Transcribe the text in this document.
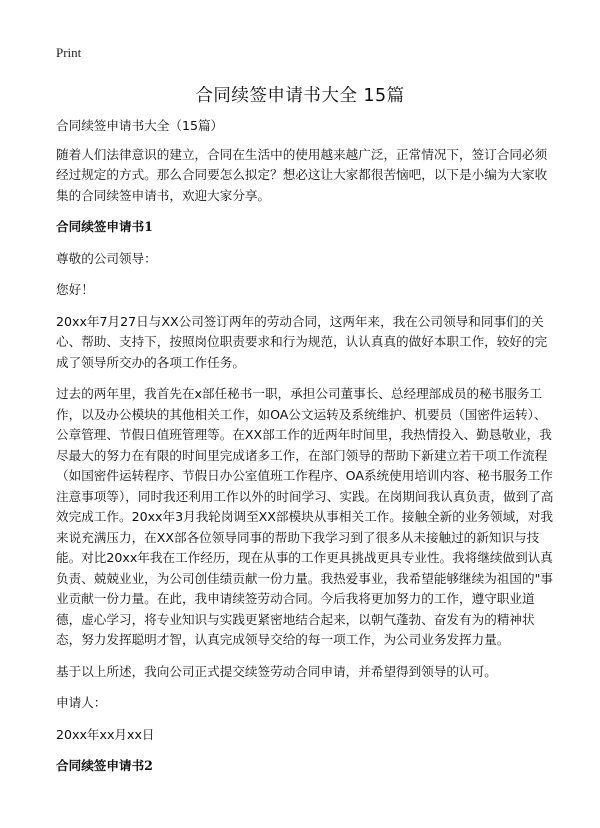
Print
合同续签申请书大全 15篇

合同续签申请书大全（15篇）

随着人们法律意识的建立，合同在生活中的使用越来越广泛，正常情况下，签订合同必须经过规定的方式。那么合同要怎么拟定？想必这让大家都很苦恼吧，以下是小编为大家收集的合同续签申请书，欢迎大家分享。

合同续签申请书1

尊敬的公司领导：

您好！

20xx年7月27日与XX公司签订两年的劳动合同，这两年来，我在公司领导和同事们的关心、帮助、支持下，按照岗位职责要求和行为规范，认认真真的做好本职工作，较好的完成了领导所交办的各项工作任务。

过去的两年里，我首先在x部任秘书一职，承担公司董事长、总经理部成员的秘书服务工作，以及办公模块的其他相关工作，如OA公文运转及系统维护、机要员（国密件运转）、公章管理、节假日值班管理等。在XX部工作的近两年时间里，我热情投入、勤恳敬业，我尽最大的努力在有限的时间里完成诸多工作，在部门领导的帮助下新建立若干项工作流程（如国密件运转程序、节假日办公室值班工作程序、OA系统使用培训内容、秘书服务工作注意事项等），同时我还利用工作以外的时间学习、实践。在岗期间我认真负责，做到了高效完成工作。20xx年3月我轮岗调至XX部模块从事相关工作。接触全新的业务领域，对我来说充满压力，在XX部各位领导同事的帮助下我学习到了很多从未接触过的新知识与技能。对比20xx年我在工作经历，现在从事的工作更具挑战更具专业性。我将继续做到认真负责、兢兢业业，为公司创佳绩贡献一份力量。我热爱事业，我希望能够继续为祖国的"事业贡献一份力量。在此，我申请续签劳动合同。今后我将更加努力的工作，遵守职业道德，虚心学习，将专业知识与实践更紧密地结合起来，以朝气蓬勃、奋发有为的精神状态，努力发挥聪明才智，认真完成领导交给的每一项工作，为公司业务发挥力量。

基于以上所述，我向公司正式提交续签劳动合同申请，并希望得到领导的认可。

申请人：

20xx年xx月xx日

合同续签申请书2
